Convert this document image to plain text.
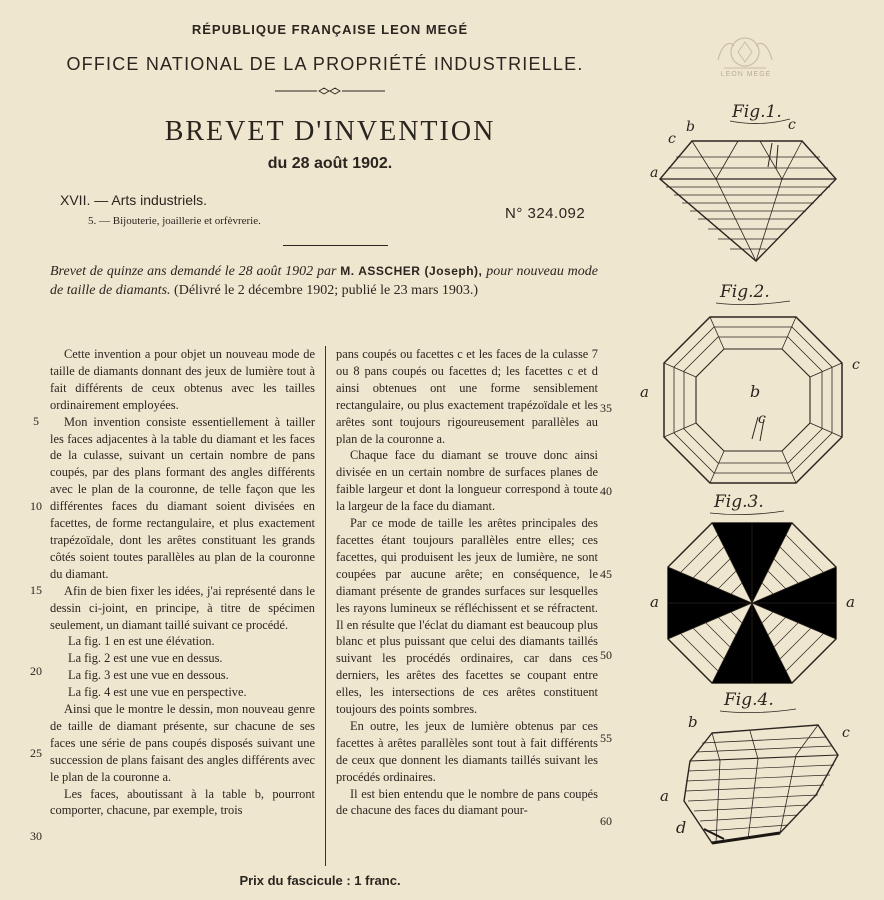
RÉPUBLIQUE FRANÇAISE LEON MEGÉ
OFFICE NATIONAL DE LA PROPRIÉTÉ INDUSTRIELLE.
BREVET D'INVENTION
du 28 août 1902.
XVII. — Arts industriels.
5. — Bijouterie, joaillerie et orfèvrerie.	N° 324.092
Brevet de quinze ans demandé le 28 août 1902 par M. ASSCHER (Joseph), pour nouveau mode de taille de diamants. (Délivré le 2 décembre 1902; publié le 23 mars 1903.)

Cette invention a pour objet un nouveau mode de taille de diamants donnant des jeux de lumière tout à fait différents de ceux obtenus avec les tailles ordinairement employées.

Mon invention consiste essentiellement à tailler les faces adjacentes à la table du diamant et les faces de la culasse, suivant un certain nombre de pans coupés, par des plans formant des angles différents avec le plan de la couronne, de telle façon que les différentes faces du diamant soient divisées en facettes, de forme rectangulaire, et plus exactement trapézoïdale, dont les arêtes constituant les grands côtés soient toutes parallèles au plan de la couronne du diamant.

Afin de bien fixer les idées, j'ai représenté dans le dessin ci-joint, en principe, à titre de spécimen seulement, un diamant taillé suivant ce procédé.

La fig. 1 en est une élévation.

La fig. 2 est une vue en dessus.

La fig. 3 est une vue en dessous.

La fig. 4 est une vue en perspective.

Ainsi que le montre le dessin, mon nouveau genre de taille de diamant présente, sur chacune de ses faces une série de pans coupés disposés suivant une succession de plans faisant des angles différents avec le plan de la couronne a.

Les faces, aboutissant à la table b, pourront comporter, chacune, par exemple, trois

pans coupés ou facettes c et les faces de la culasse 7 ou 8 pans coupés ou facettes d; les facettes c et d ainsi obtenues ont une forme sensiblement rectangulaire, ou plus exactement trapézoïdale et les arêtes sont toujours rigoureusement parallèles au plan de la couronne a.

Chaque face du diamant se trouve donc ainsi divisée en un certain nombre de surfaces planes de faible largeur et dont la longueur correspond à toute la largeur de la face du diamant.

Par ce mode de taille les arêtes principales des facettes étant toujours parallèles entre elles; ces facettes, qui produisent les jeux de lumière, ne sont coupées par aucune arête; en conséquence, le diamant présente de grandes surfaces sur lesquelles les rayons lumineux se réfléchissent et se réfractent. Il en résulte que l'éclat du diamant est beaucoup plus blanc et plus puissant que celui des diamants taillés suivant les procédés ordinaires, car dans ces derniers, les arêtes des facettes se coupant entre elles, les intersections de ces arêtes constituent toujours des points sombres.

En outre, les jeux de lumière obtenus par ces facettes à arêtes parallèles sont tout à fait différents de ceux que donnent les diamants taillés suivant les procédés ordinaires.

Il est bien entendu que le nombre de pans coupés de chacune des faces du diamant pour-

5
10
15
20
25
30
35
40
45
50
55
60
Prix du fascicule : 1 franc.
LEON MEGE
Fig.1.
a
c
b	c
Fig.2.
a	b
c
c
Fig.3.
a	a
Fig.4.
b
c
a
d
